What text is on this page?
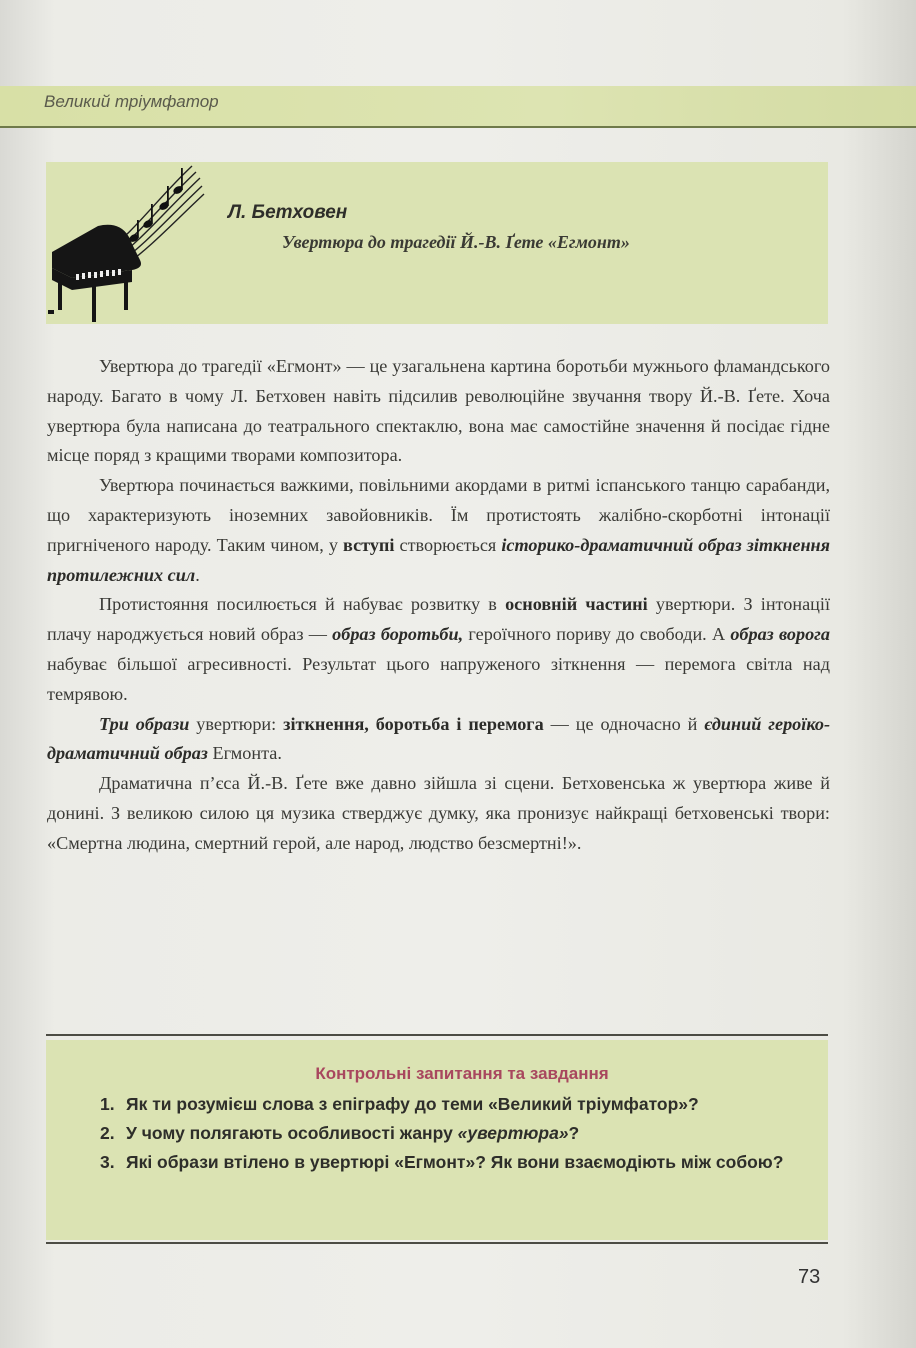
Великий тріумфатор
Л. Бетховен
Увертюра до трагедії Й.-В. Ґете «Егмонт»

Увертюра до трагедії «Егмонт» — це узагальнена картина боротьби мужнього фламандського народу. Багато в чому Л. Бетховен навіть підсилив революційне звучання твору Й.-В. Ґете. Хоча увертюра була написана до театрального спектаклю, вона має самостійне значення й посідає гідне місце поряд з кращими творами композитора.

Увертюра починається важкими, повільними акордами в ритмі іспанського танцю сарабанди, що характеризують іноземних завойовників. Їм протистоять жалібно-скорботні інтонації пригніченого народу. Таким чином, у вступі створюється історико-драматичний образ зіткнення протилежних сил.

Протистояння посилюється й набуває розвитку в основній частині увертюри. З інтонації плачу народжується новий образ — образ боротьби, героїчного пориву до свободи. А образ ворога набуває більшої агресивності. Результат цього напруженого зіткнення — перемога світла над темрявою.

Три образи увертюри: зіткнення, боротьба і перемога — це одночасно й єдиний героїко-драматичний образ Егмонта.

Драматична п’єса Й.-В. Ґете вже давно зійшла зі сцени. Бетховенська ж увертюра живе й донині. З великою силою ця музика стверджує думку, яка пронизує найкращі бетховенські твори: «Смертна людина, смертний герой, але народ, людство безсмертні!».

Контрольні запитання та завдання
1. Як ти розумієш слова з епіграфу до теми «Великий тріумфатор»?
2. У чому полягають особливості жанру «увертюра»?
3. Які образи втілено в увертюрі «Егмонт»? Як вони взаємодіють між собою?
73
